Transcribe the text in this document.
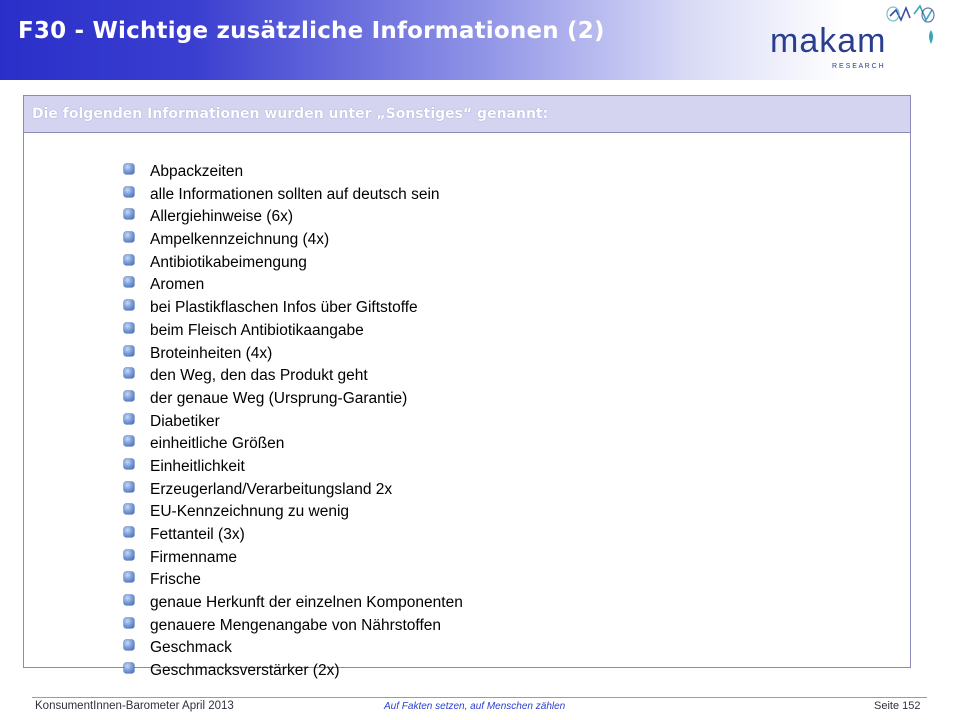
F30 - Wichtige zusätzliche Informationen (2)	makam
R E S E A R C H
Die folgenden Informationen wurden unter „Sonstiges“ genannt:
Abpackzeiten
alle Informationen sollten auf deutsch sein
Allergiehinweise (6x)
Ampelkennzeichnung (4x)
Antibiotikabeimengung
Aromen
bei Plastikflaschen Infos über Giftstoffe
beim Fleisch Antibiotikaangabe
Broteinheiten (4x)
den Weg, den das Produkt geht
der genaue Weg (Ursprung-Garantie)
Diabetiker
einheitliche Größen
Einheitlichkeit
Erzeugerland/Verarbeitungsland 2x
EU-Kennzeichnung zu wenig
Fettanteil (3x)
Firmenname
Frische
genaue Herkunft der einzelnen Komponenten
genauere Mengenangabe von Nährstoffen
Geschmack
Geschmacksverstärker (2x)
KonsumentInnen-Barometer April 2013	Auf Fakten setzen, auf Menschen zählen	Seite 152
